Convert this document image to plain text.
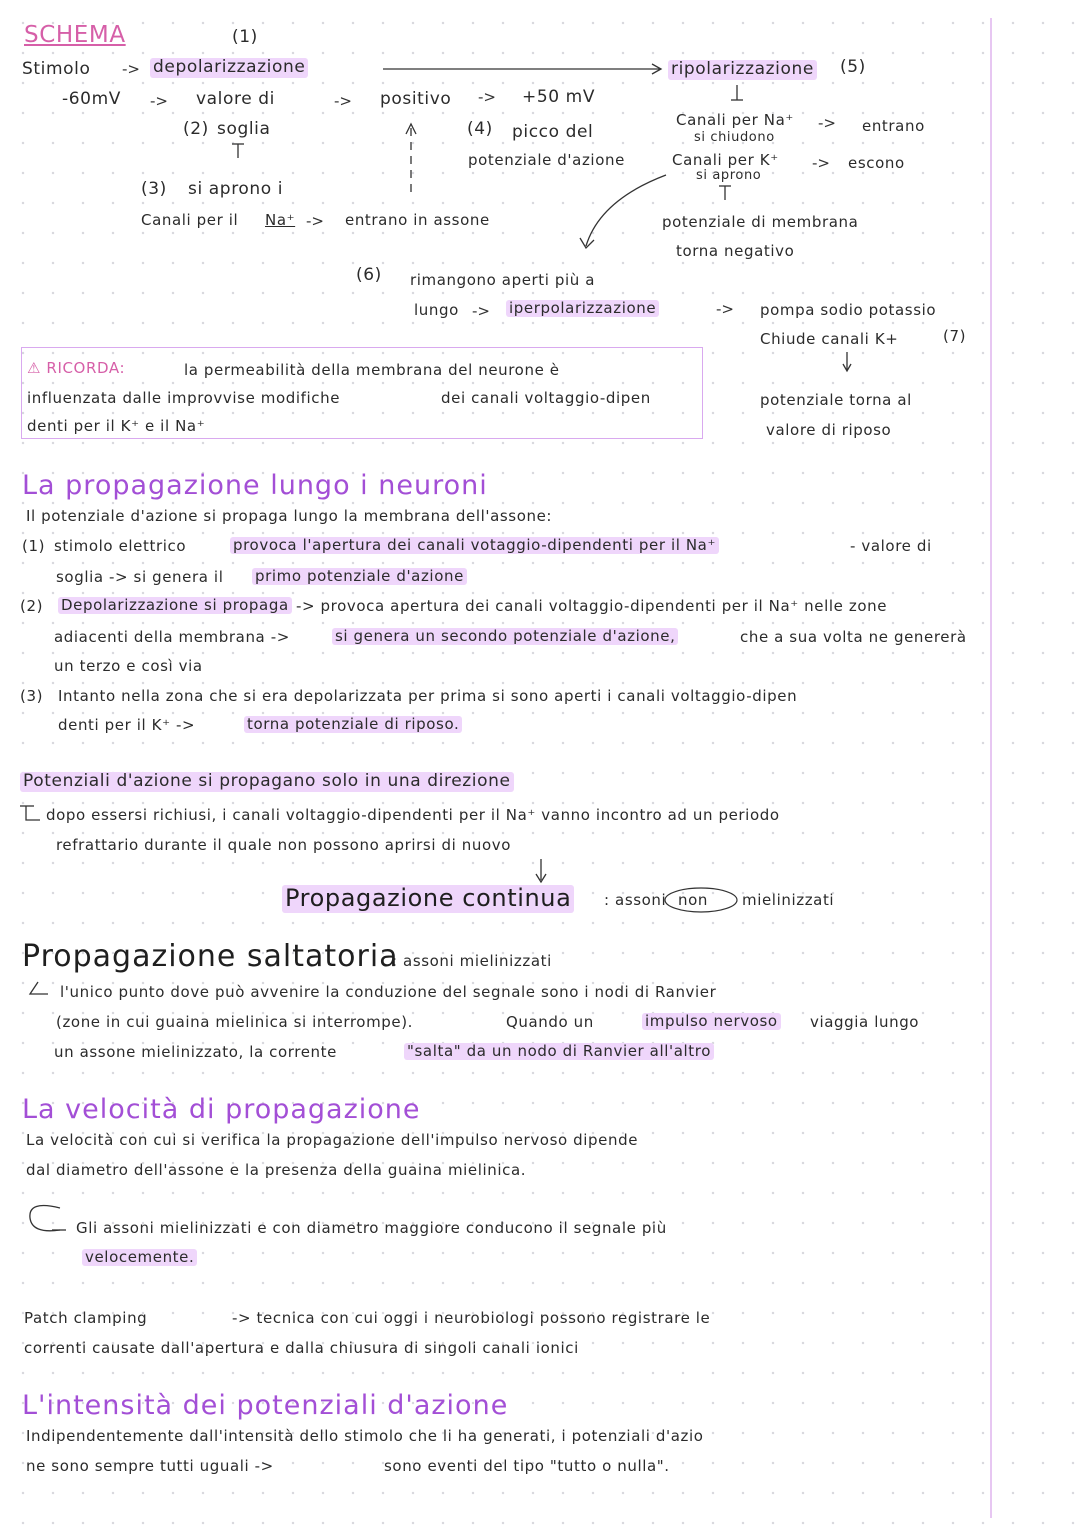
SCHEMA	(1)
Stimolo -> depolarizzazione	ripolarizzazione (5)
-60mV -> valore di	-> positivo -> +50 mV
(2) soglia	(4) picco del
potenziale d'azione
Canali per Na⁺ -> entrano
si chiudono
Canali per K⁺ -> escono
si aprono
(3) si aprono i
Canali per il Na⁺ -> entrano in assone	potenziale di membrana
torna negativo
(6) rimangono aperti più a
lungo -> iperpolarizzazione	-> pompa sodio potassio
Chiude canali K+	(7)
potenziale torna al
valore di riposo
⚠ RICORDA:	la permeabilità della membrana del neurone è
influenzata dalle improvvise modifiche	dei canali voltaggio-dipen
denti per il K⁺ e il Na⁺
La propagazione lungo i neuroni
Il potenziale d'azione si propaga lungo la membrana dell'assone:
(1) stimolo elettrico	provoca l'apertura dei canali votaggio-dipendenti per il Na⁺	- valore di
soglia -> si genera il primo potenziale d'azione
(2) Depolarizzazione si propaga -> provoca apertura dei canali voltaggio-dipendenti per il Na⁺ nelle zone
adiacenti della membrana ->	si genera un secondo potenziale d'azione,	che a sua volta ne genererà
un terzo e così via
(3) Intanto nella zona che si era depolarizzata per prima si sono aperti i canali voltaggio-dipen
denti per il K⁺ ->	torna potenziale di riposo.
Potenziali d'azione si propagano solo in una direzione
dopo essersi richiusi, i canali voltaggio-dipendenti per il Na⁺ vanno incontro ad un periodo
refrattario durante il quale non possono aprirsi di nuovo
Propagazione continua : assoni non mielinizzati
Propagazione saltatoria
: assoni mielinizzati
l'unico punto dove può avvenire la conduzione del segnale sono i nodi di Ranvier
(zone in cui guaina mielinica si interrompe).	Quando un	impulso nervoso viaggia lungo
un assone mielinizzato, la corrente	"salta" da un nodo di Ranvier all'altro
La velocità di propagazione
La velocità con cui si verifica la propagazione dell'impulso nervoso dipende
dal diametro dell'assone e la presenza della guaina mielinica.
Gli assoni mielinizzati e con diametro maggiore conducono il segnale più
velocemente.
Patch clamping	-> tecnica con cui oggi i neurobiologi possono registrare le
correnti causate dall'apertura e dalla chiusura di singoli canali ionici
L'intensità dei potenziali d'azione
Indipendentemente dall'intensità dello stimolo che li ha generati, i potenziali d'azio
ne sono sempre tutti uguali ->	sono eventi del tipo "tutto o nulla".
